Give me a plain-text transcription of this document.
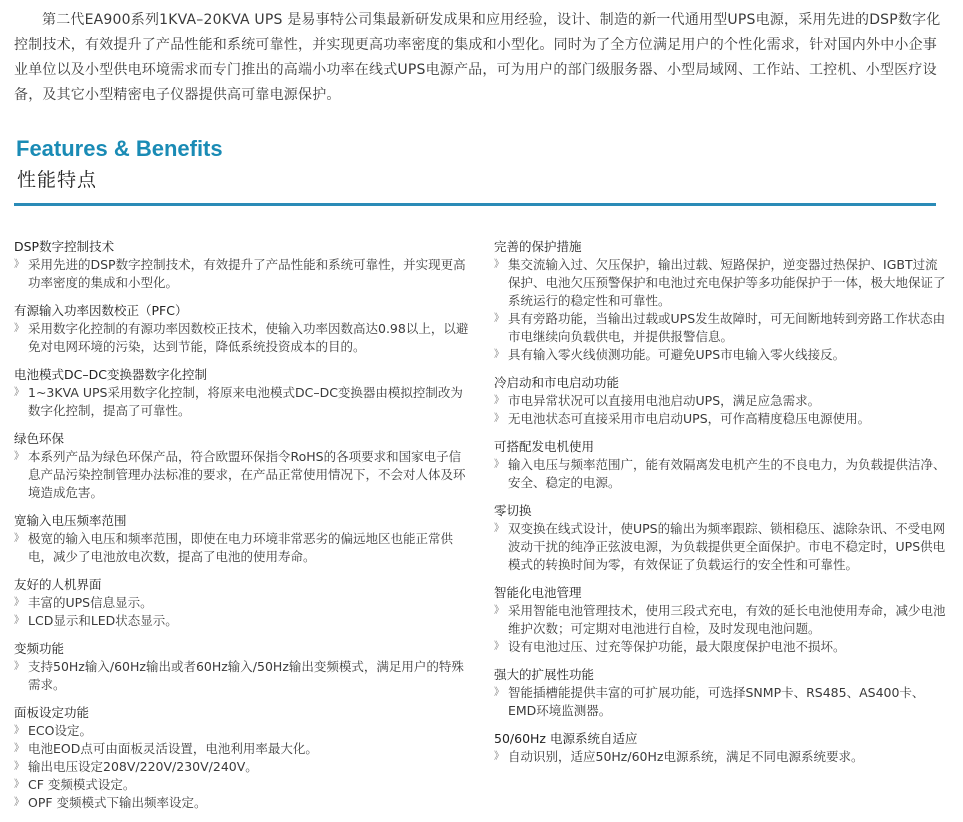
第二代EA900系列1KVA–20KVA UPS 是易事特公司集最新研发成果和应用经验，设计、制造的新一代通用型UPS电源，采用先进的DSP数字化控制技术，有效提升了产品性能和系统可靠性，并实现更高功率密度的集成和小型化。同时为了全方位满足用户的个性化需求，针对国内外中小企事业单位以及小型供电环境需求而专门推出的高端小功率在线式UPS电源产品，可为用户的部门级服务器、小型局域网、工作站、工控机、小型医疗设备，及其它小型精密电子仪器提供高可靠电源保护。

Features & Benefits
性能特点
DSP数字控制技术
》 采用先进的DSP数字控制技术，有效提升了产品性能和系统可靠性，并实现更高功率密度的集成和小型化。
有源输入功率因数校正（PFC）
》 采用数字化控制的有源功率因数校正技术，使输入功率因数高达0.98以上，以避免对电网环境的污染，达到节能，降低系统投资成本的目的。
电池模式DC–DC变换器数字化控制
》 1~3KVA UPS采用数字化控制，将原来电池模式DC–DC变换器由模拟控制改为数字化控制，提高了可靠性。
绿色环保
》 本系列产品为绿色环保产品，符合欧盟环保指令RoHS的各项要求和国家电子信息产品污染控制管理办法标准的要求，在产品正常使用情况下，不会对人体及环境造成危害。
宽输入电压频率范围
》 极宽的输入电压和频率范围，即使在电力环境非常恶劣的偏远地区也能正常供电，减少了电池放电次数，提高了电池的使用寿命。
友好的人机界面
》 丰富的UPS信息显示。
》 LCD显示和LED状态显示。
变频功能
》 支持50Hz输入/60Hz输出或者60Hz输入/50Hz输出变频模式，满足用户的特殊需求。
面板设定功能
》 ECO设定。
》 电池EOD点可由面板灵活设置，电池利用率最大化。
》 输出电压设定208V/220V/230V/240V。
》 CF 变频模式设定。
》 OPF 变频模式下输出频率设定。
完善的保护措施
》 集交流输入过、欠压保护，输出过载、短路保护，逆变器过热保护、IGBT过流保护、电池欠压预警保护和电池过充电保护等多功能保护于一体，极大地保证了系统运行的稳定性和可靠性。
》 具有旁路功能，当输出过载或UPS发生故障时，可无间断地转到旁路工作状态由市电继续向负载供电，并提供报警信息。
》 具有输入零火线侦测功能。可避免UPS市电输入零火线接反。
冷启动和市电启动功能
》 市电异常状况可以直接用电池启动UPS，满足应急需求。
》 无电池状态可直接采用市电启动UPS，可作高精度稳压电源使用。
可搭配发电机使用
》 输入电压与频率范围广，能有效隔离发电机产生的不良电力，为负载提供洁净、安全、稳定的电源。
零切换
》 双变换在线式设计，使UPS的输出为频率跟踪、锁相稳压、滤除杂讯、不受电网波动干扰的纯净正弦波电源，为负载提供更全面保护。市电不稳定时，UPS供电模式的转换时间为零，有效保证了负载运行的安全性和可靠性。
智能化电池管理
》 采用智能电池管理技术，使用三段式充电，有效的延长电池使用寿命，减少电池维护次数；可定期对电池进行自检，及时发现电池问题。
》 设有电池过压、过充等保护功能，最大限度保护电池不损坏。
强大的扩展性功能
》 智能插槽能提供丰富的可扩展功能，可选择SNMP卡、RS485、AS400卡、EMD环境监测器。
50/60Hz 电源系统自适应
》 自动识别，适应50Hz/60Hz电源系统，满足不同电源系统要求。
